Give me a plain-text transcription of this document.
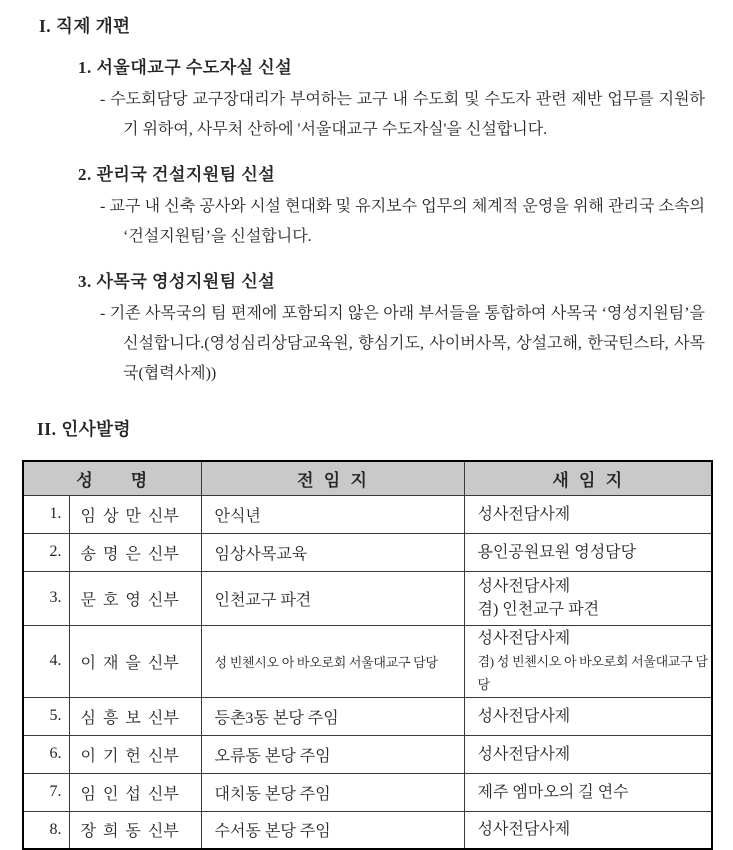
I. 직제 개편
1. 서울대교구 수도자실 신설
- 수도회담당 교구장대리가 부여하는 교구 내 수도회 및 수도자 관련 제반 업무를 지원하기 위하여, 사무처 산하에 '서울대교구 수도자실'을 신설합니다.
2. 관리국 건설지원팀 신설
- 교구 내 신축 공사와 시설 현대화 및 유지보수 업무의 체계적 운영을 위해 관리국 소속의 ‘건설지원팀’을 신설합니다.
3. 사목국 영성지원팀 신설
- 기존 사목국의 팀 편제에 포함되지 않은 아래 부서들을 통합하여 사목국 ‘영성지원팀’을 신설합니다.(영성심리상담교육원, 향심기도, 사이버사목, 상설고해, 한국틴스타, 사목국(협력사제))
II. 인사발령
성    명		전 임 지	새 임 지
1.	임 상 만 신부	안식년	성사전담사제

2.	송 명 은 신부	임상사목교육	용인공원묘원 영성담당

3.	문 호 영 신부	인천교구 파견	성사전담사제
겸) 인천교구 파견

4.	이 재 을 신부	성 빈첸시오 아 바오로회 서울대교구 담당	성사전담사제
겸) 성 빈첸시오 아 바오로회 서울대교구 담당

5.	심 흥 보 신부	등촌3동 본당 주임	성사전담사제

6.	이 기 헌 신부	오류동 본당 주임	성사전담사제

7.	임 인 섭 신부	대치동 본당 주임	제주 엠마오의 길 연수

8.	장 희 동 신부	수서동 본당 주임	성사전담사제
